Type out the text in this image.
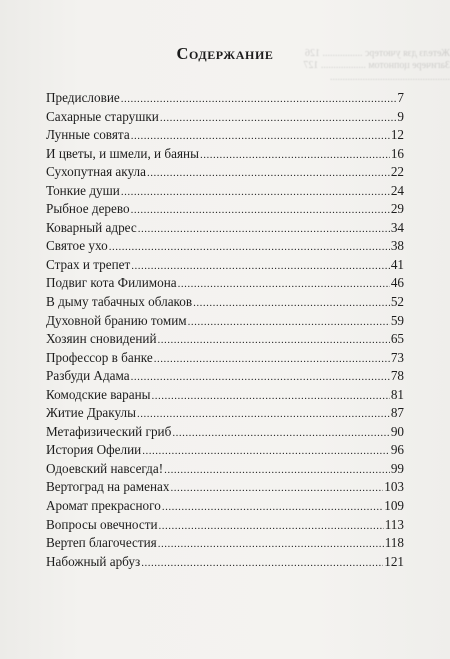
Жетелз дзя учютерс ................ 126
Загичере цопнотом .................. 127
................................................
Содержание
Предисловие .....	7
Сахарные старушки .....	9
Лунные совята .....	12
И цветы, и шмели, и баяны .....	16
Сухопутная акула .....	22
Тонкие души .....	24
Рыбное дерево .....	29
Коварный адрес .....	34
Святое ухо .....	38
Страх и трепет .....	41
Подвиг кота Филимона .....	46
В дыму табачных облаков .....	52
Духовной бранию томим .....	59
Хозяин сновидений .....	65
Профессор в банке .....	73
Разбуди Адама .....	78
Комодские вараны .....	81
Житие Дракулы .....	87
Метафизический гриб .....	90
История Офелии .....	96
Одоевский навсегда! .....	99
Вертоград на раменах .....	103
Аромат прекрасного .....	109
Вопросы овечности .....	113
Вертеп благочестия .....	118
Набожный арбуз .....	121
